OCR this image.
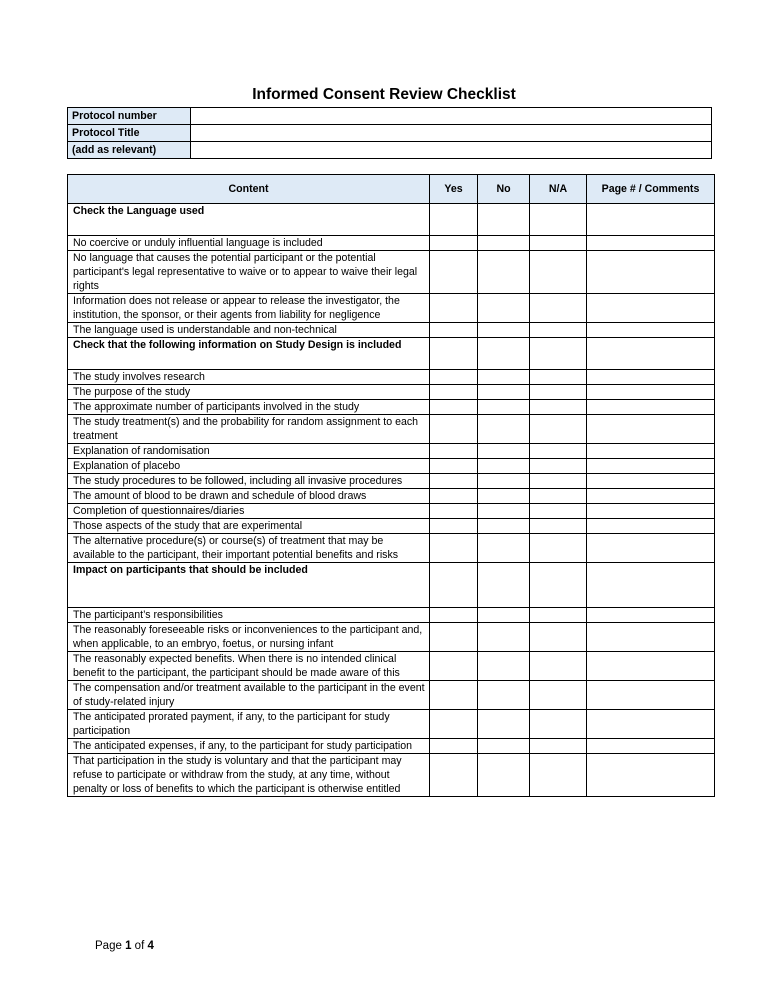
Informed Consent Review Checklist
Protocol number	
Protocol Title	
(add as relevant)	
Content	Yes	No	N/A	Page # / Comments
Check the Language used				
No coercive or unduly influential language is included				
No language that causes the potential participant or the potential participant's legal representative to waive or to appear to waive their legal rights				
Information does not release or appear to release the investigator, the institution, the sponsor, or their agents from liability for negligence				
The language used is understandable and non-technical				
Check that the following information on Study Design is included				
The study involves research				
The purpose of the study				
The approximate number of participants involved in the study				
The study treatment(s) and the probability for random assignment to each treatment				
Explanation of randomisation				
Explanation of placebo				
The study procedures to be followed, including all invasive procedures				
The amount of blood to be drawn and schedule of blood draws				
Completion of questionnaires/diaries				
Those aspects of the study that are experimental				
The alternative procedure(s) or course(s) of treatment that may be available to the participant, their important potential benefits and risks				
Impact on participants that should be included				
The participant’s responsibilities				
The reasonably foreseeable risks or inconveniences to the participant and, when applicable, to an embryo, foetus, or nursing infant				
The reasonably expected benefits. When there is no intended clinical benefit to the participant, the participant should be made aware of this				
The compensation and/or treatment available to the participant in the event of study-related injury				
The anticipated prorated payment, if any, to the participant for study participation				
The anticipated expenses, if any, to the participant for study participation				
That participation in the study is voluntary and that the participant may refuse to participate or withdraw from the study, at any time, without penalty or loss of benefits to which the participant is otherwise entitled				
Page 1 of 4
